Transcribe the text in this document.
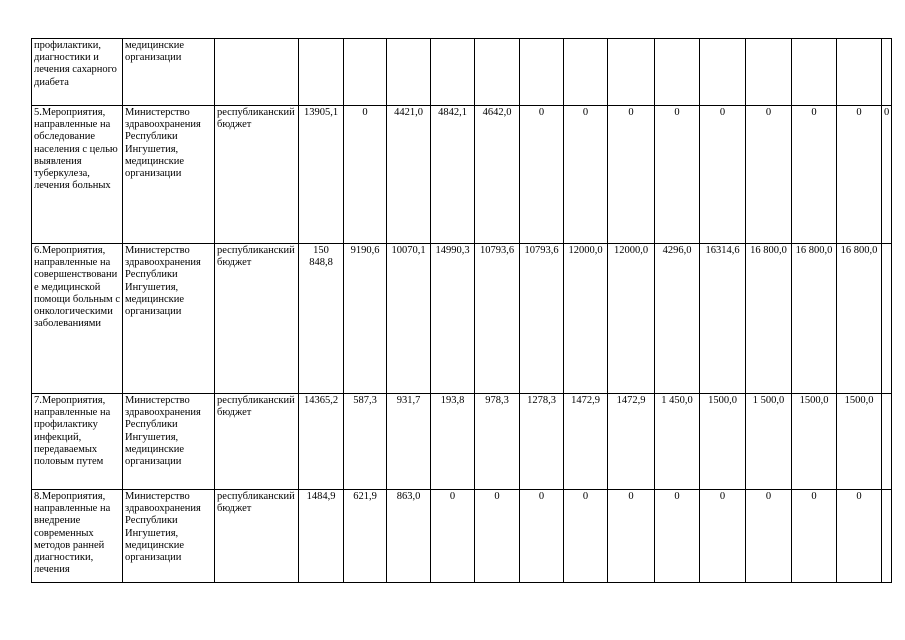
профилактики, диагностики и лечения сахарного диабета	медицинские организации															
5.Мероприятия, направленные на обследование населения с целью выявления туберкулеза, лечения больных	Министерство здравоохранения Республики Ингушетия, медицинские организации	республиканский бюджет	13905,1	0	4421,0	4842,1	4642,0	0	0	0	0	0	0	0	0	0
6.Мероприятия, направленные на совершенствование медицинской помощи больным с онкологическими заболеваниями	Министерство здравоохранения Республики Ингушетия, медицинские организации	республиканский бюджет	150 848,8	9190,6	10070,1	14990,3	10793,6	10793,6	12000,0	12000,0	4296,0	16314,6	16 800,0	16 800,0	16 800,0	
7.Мероприятия, направленные на профилактику инфекций, передаваемых половым путем	Министерство здравоохранения Республики Ингушетия, медицинские организации	республиканский бюджет	14365,2	587,3	931,7	193,8	978,3	1278,3	1472,9	1472,9	1 450,0	1500,0	1 500,0	1500,0	1500,0	
8.Мероприятия, направленные на внедрение современных методов ранней диагностики, лечения	Министерство здравоохранения Республики Ингушетия, медицинские организации	республиканский бюджет	1484,9	621,9	863,0	0	0	0	0	0	0	0	0	0	0	
